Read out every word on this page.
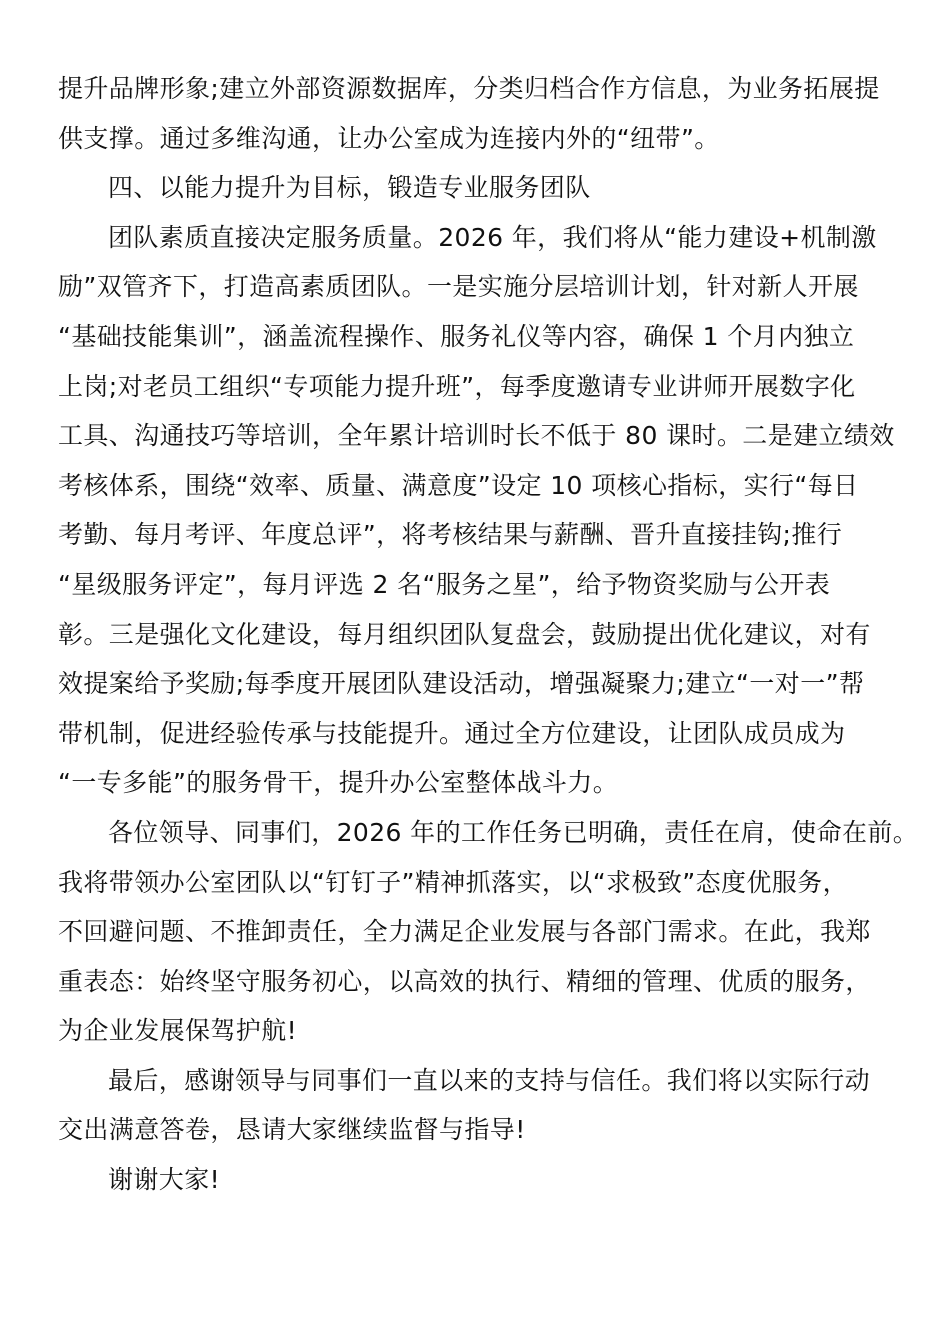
提升品牌形象;建立外部资源数据库，分类归档合作方信息，为业务拓展提
供支撑。通过多维沟通，让办公室成为连接内外的“纽带”。
四、以能力提升为目标，锻造专业服务团队
团队素质直接决定服务质量。2026 年，我们将从“能力建设+机制激
励”双管齐下，打造高素质团队。一是实施分层培训计划，针对新人开展
“基础技能集训”，涵盖流程操作、服务礼仪等内容，确保 1 个月内独立
上岗;对老员工组织“专项能力提升班”，每季度邀请专业讲师开展数字化
工具、沟通技巧等培训，全年累计培训时长不低于 80 课时。二是建立绩效
考核体系，围绕“效率、质量、满意度”设定 10 项核心指标，实行“每日
考勤、每月考评、年度总评”，将考核结果与薪酬、晋升直接挂钩;推行
“星级服务评定”，每月评选 2 名“服务之星”，给予物资奖励与公开表
彰。三是强化文化建设，每月组织团队复盘会，鼓励提出优化建议，对有
效提案给予奖励;每季度开展团队建设活动，增强凝聚力;建立“一对一”帮
带机制，促进经验传承与技能提升。通过全方位建设，让团队成员成为
“一专多能”的服务骨干，提升办公室整体战斗力。
各位领导、同事们，2026 年的工作任务已明确，责任在肩，使命在前。
我将带领办公室团队以“钉钉子”精神抓落实，以“求极致”态度优服务，
不回避问题、不推卸责任，全力满足企业发展与各部门需求。在此，我郑
重表态：始终坚守服务初心，以高效的执行、精细的管理、优质的服务，
为企业发展保驾护航!
最后，感谢领导与同事们一直以来的支持与信任。我们将以实际行动
交出满意答卷，恳请大家继续监督与指导!
谢谢大家!
